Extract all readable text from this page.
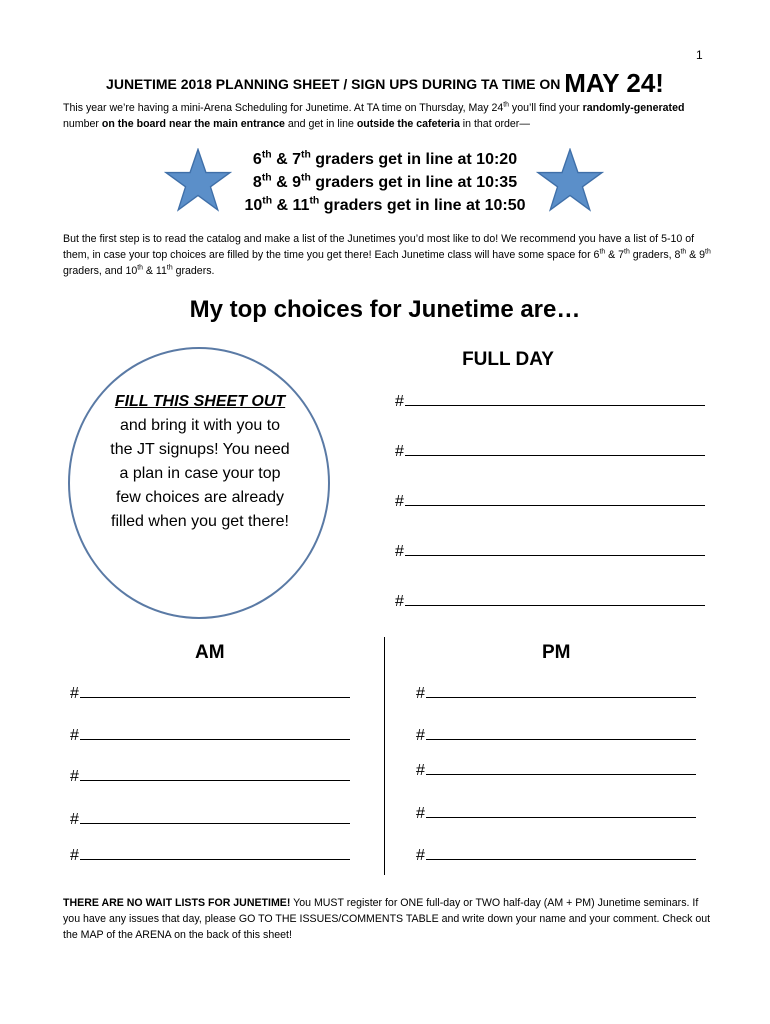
1
JUNETIME 2018 PLANNING SHEET / SIGN UPS DURING TA TIME ON MAY 24!
This year we’re having a mini-Arena Scheduling for Junetime. At TA time on Thursday, May 24th you’ll find your randomly-generated number on the board near the main entrance and get in line outside the cafeteria in that order—
6th & 7th graders get in line at 10:20
8th & 9th graders get in line at 10:35
10th & 11th graders get in line at 10:50
But the first step is to read the catalog and make a list of the Junetimes you’d most like to do! We recommend you have a list of 5-10 of them, in case your top choices are filled by the time you get there! Each Junetime class will have some space for 6th & 7th graders, 8th & 9th graders, and 10th & 11th graders.
My top choices for Junetime are…
FULL DAY
FILL THIS SHEET OUT and bring it with you to the JT signups! You need a plan in case your top few choices are already filled when you get there!
#
#
#
#
#
AM	PM
#
#
#
#
#
#
#
#
#
#
THERE ARE NO WAIT LISTS FOR JUNETIME! You MUST register for ONE full-day or TWO half-day (AM + PM) Junetime seminars. If you have any issues that day, please GO TO THE ISSUES/COMMENTS TABLE and write down your name and your comment. Check out the MAP of the ARENA on the back of this sheet!
